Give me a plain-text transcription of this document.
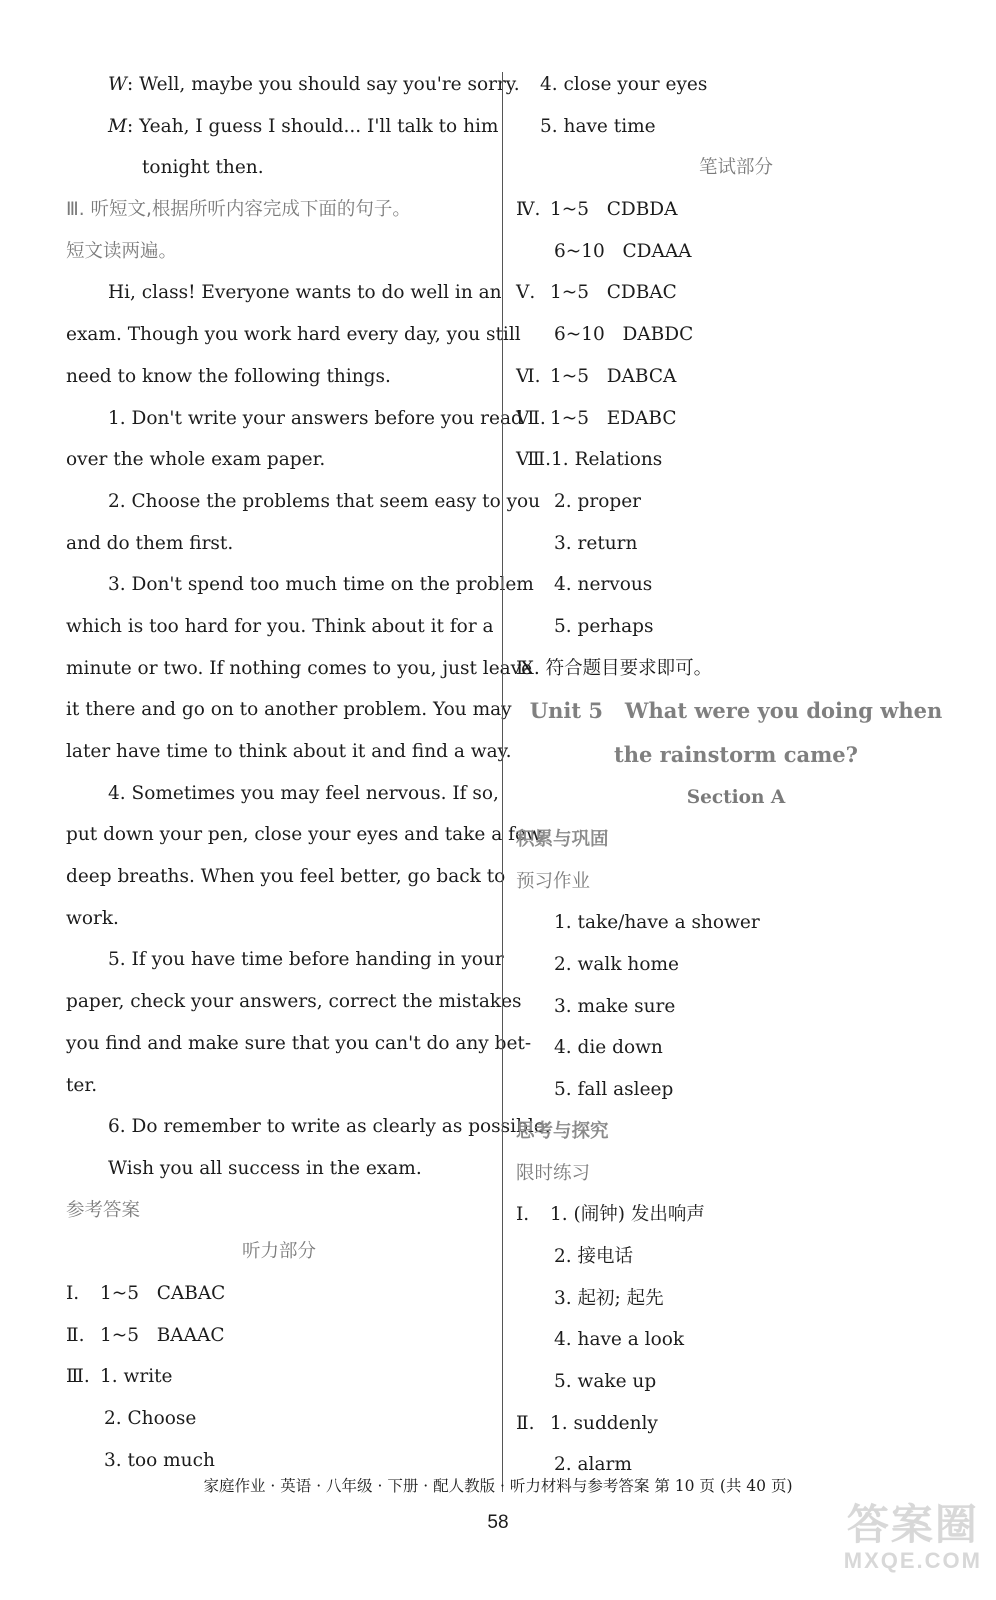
W: Well, maybe you should say you're sorry.
M: Yeah, I guess I should... I'll talk to him
tonight then.
Ⅲ. 听短文,根据所听内容完成下面的句子。
短文读两遍。
Hi, class! Everyone wants to do well in an
exam. Though you work hard every day, you still
need to know the following things.
1. Don't write your answers before you read
over the whole exam paper.
2. Choose the problems that seem easy to you
and do them first.
3. Don't spend too much time on the problem
which is too hard for you. Think about it for a
minute or two. If nothing comes to you, just leave
it there and go on to another problem. You may
later have time to think about it and find a way.
4. Sometimes you may feel nervous. If so,
put down your pen, close your eyes and take a few
deep breaths. When you feel better, go back to
work.
5. If you have time before handing in your
paper, check your answers, correct the mistakes
you find and make sure that you can't do any bet-
ter.
6. Do remember to write as clearly as possible.
Wish you all success in the exam.
参考答案
听力部分
Ⅰ. 1~5 CABAC
Ⅱ. 1~5 BAAAC
Ⅲ. 1. write
2. Choose
3. too much
4. close your eyes
5. have time
笔试部分
Ⅳ. 1~5 CDBDA
6~10 CDAAA
Ⅴ. 1~5 CDBAC
6~10 DABDC
Ⅵ. 1~5 DABCA
Ⅶ. 1~5 EDABC
Ⅷ.1. Relations
2. proper
3. return
4. nervous
5. perhaps
Ⅸ. 符合题目要求即可。
Unit 5   What were you doing when
the rainstorm came?
Section A
积累与巩固
预习作业
1. take/have a shower
2. walk home
3. make sure
4. die down
5. fall asleep
思考与探究
限时练习
Ⅰ. 1. (闹钟) 发出响声
2. 接电话
3. 起初; 起先
4. have a look
5. wake up
Ⅱ. 1. suddenly
2. alarm
家庭作业 · 英语 · 八年级 · 下册 · 配人教版 · 听力材料与参考答案 第 10 页 (共 40 页)
58	答案圈
MXQE.COM
